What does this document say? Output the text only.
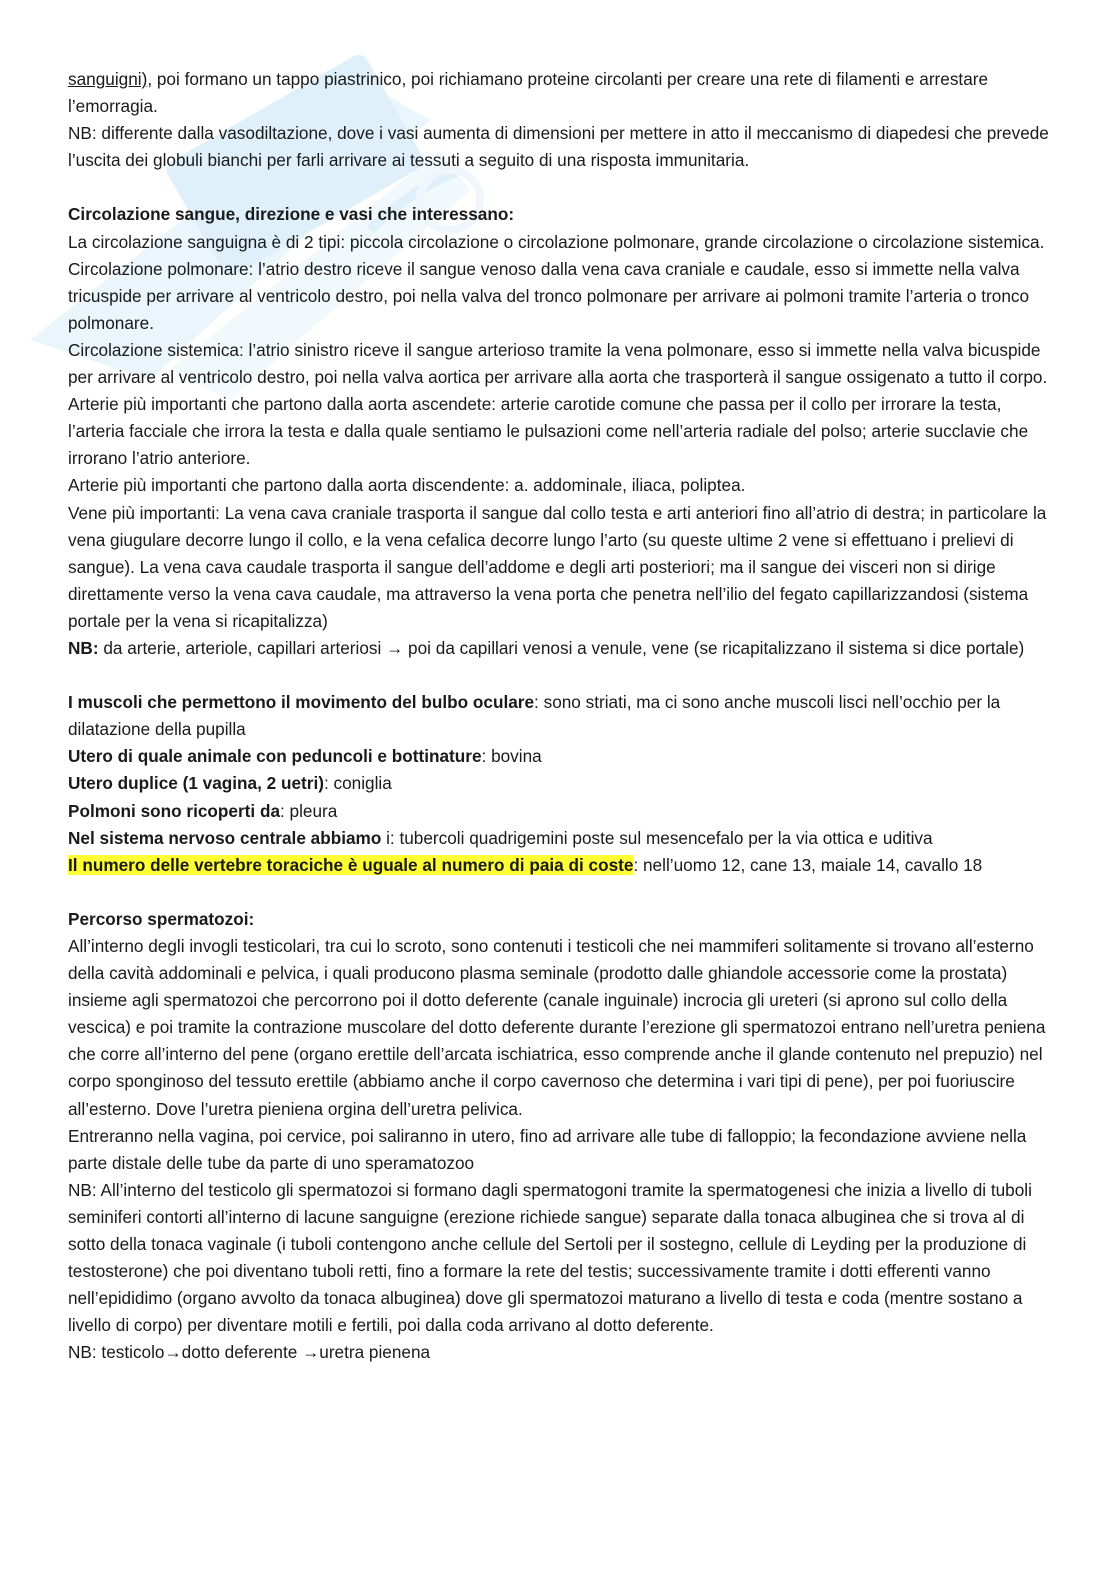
sanguigni), poi formano un tappo piastrinico, poi richiamano proteine circolanti per creare una rete di filamenti e arrestare l’emorragia.

NB: differente dalla vasodiltazione, dove i vasi aumenta di dimensioni per mettere in atto il meccanismo di diapedesi che prevede l’uscita dei globuli bianchi per farli arrivare ai tessuti a seguito di una risposta immunitaria.

Circolazione sangue, direzione e vasi che interessano:

La circolazione sanguigna è di 2 tipi: piccola circolazione o circolazione polmonare, grande circolazione o circolazione sistemica.

Circolazione polmonare: l’atrio destro riceve il sangue venoso dalla vena cava craniale e caudale, esso si immette nella valva tricuspide per arrivare al ventricolo destro, poi nella valva del tronco polmonare per arrivare ai polmoni tramite l’arteria o tronco polmonare.

Circolazione sistemica: l’atrio sinistro riceve il sangue arterioso tramite la vena polmonare, esso si immette nella valva bicuspide per arrivare al ventricolo destro, poi nella valva aortica per arrivare alla aorta che trasporterà il sangue ossigenato a tutto il corpo.

Arterie più importanti che partono dalla aorta ascendete: arterie carotide comune che passa per il collo per irrorare la testa, l’arteria facciale che irrora la testa e dalla quale sentiamo le pulsazioni come nell’arteria radiale del polso; arterie succlavie che irrorano l’atrio anteriore.

Arterie più importanti che partono dalla aorta discendente: a. addominale, iliaca, poliptea.

Vene più importanti: La vena cava craniale trasporta il sangue dal collo testa e arti anteriori fino all’atrio di destra; in particolare la vena giugulare decorre lungo il collo, e la vena cefalica decorre lungo l’arto (su queste ultime 2 vene si effettuano i prelievi di sangue). La vena cava caudale trasporta il sangue dell’addome e degli arti posteriori; ma il sangue dei visceri non si dirige direttamente verso la vena cava caudale, ma attraverso la vena porta che penetra nell’ilio del fegato capillarizzandosi (sistema portale per la vena si ricapitalizza)

NB: da arterie, arteriole, capillari arteriosi → poi da capillari venosi a venule, vene (se ricapitalizzano il sistema si dice portale)

I muscoli che permettono il movimento del bulbo oculare: sono striati, ma ci sono anche muscoli lisci nell’occhio per la dilatazione della pupilla

Utero di quale animale con peduncoli e bottinature: bovina

Utero duplice (1 vagina, 2 uetri): coniglia

Polmoni sono ricoperti da: pleura

Nel sistema nervoso centrale abbiamo i: tubercoli quadrigemini poste sul mesencefalo per la via ottica e uditiva

Il numero delle vertebre toraciche è uguale al numero di paia di coste: nell’uomo 12, cane 13, maiale 14, cavallo 18

Percorso spermatozoi:

All’interno degli invogli testicolari, tra cui lo scroto, sono contenuti i testicoli che nei mammiferi solitamente si trovano all’esterno della cavità addominali e pelvica, i quali producono plasma seminale (prodotto dalle ghiandole accessorie come la prostata) insieme agli spermatozoi che percorrono poi il dotto deferente (canale inguinale) incrocia gli ureteri (si aprono sul collo della vescica) e poi tramite la contrazione muscolare del dotto deferente durante l’erezione gli spermatozoi entrano nell’uretra peniena che corre all’interno del pene (organo erettile dell’arcata ischiatrica, esso comprende anche il glande contenuto nel prepuzio) nel corpo sponginoso del tessuto erettile (abbiamo anche il corpo cavernoso che determina i vari tipi di pene), per poi fuoriuscire all’esterno. Dove l’uretra pieniena orgina dell’uretra pelivica.

Entreranno nella vagina, poi cervice, poi saliranno in utero, fino ad arrivare alle tube di falloppio; la fecondazione avviene nella parte distale delle tube da parte di uno speramatozoo

NB: All’interno del testicolo gli spermatozoi si formano dagli spermatogoni tramite la spermatogenesi che inizia a livello di tuboli seminiferi contorti all’interno di lacune sanguigne (erezione richiede sangue) separate dalla tonaca albuginea che si trova al di sotto della tonaca vaginale (i tuboli contengono anche cellule del Sertoli per il sostegno, cellule di Leyding per la produzione di testosterone) che poi diventano tuboli retti, fino a formare la rete del testis; successivamente tramite i dotti efferenti vanno nell’epididimo (organo avvolto da tonaca albuginea) dove gli spermatozoi maturano a livello di testa e coda (mentre sostano a livello di corpo) per diventare motili e fertili, poi dalla coda arrivano al dotto deferente.

NB: testicolo→dotto deferente →uretra pienena
